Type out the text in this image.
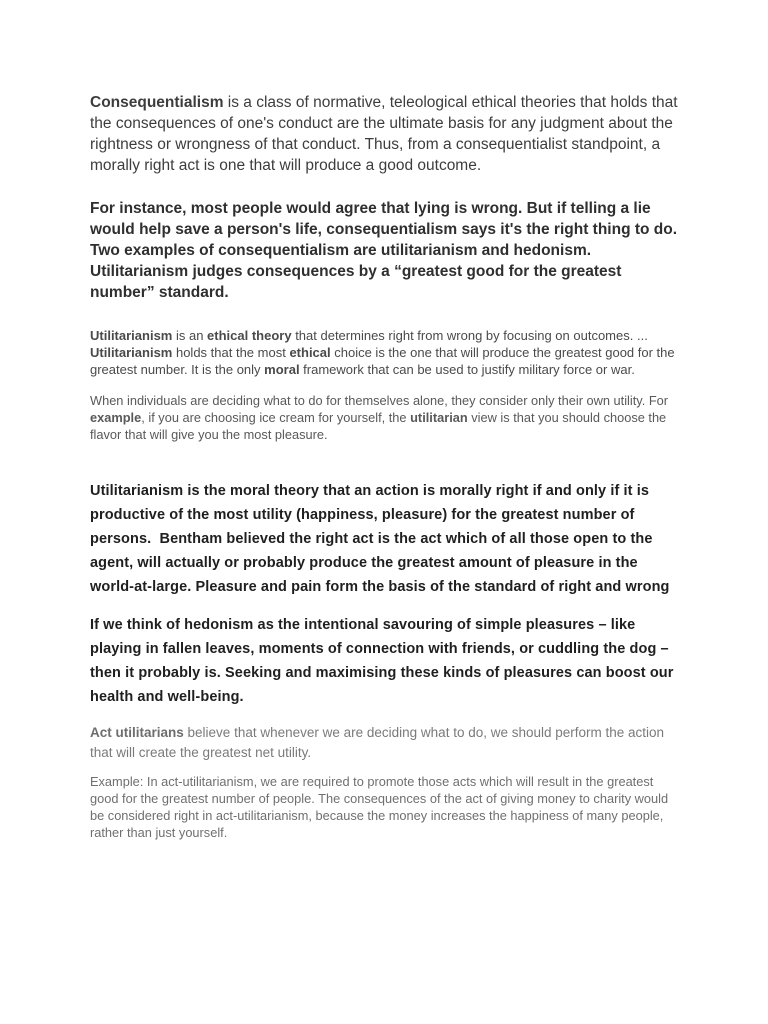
Consequentialism is a class of normative, teleological ethical theories that holds that the consequences of one's conduct are the ultimate basis for any judgment about the rightness or wrongness of that conduct. Thus, from a consequentialist standpoint, a morally right act is one that will produce a good outcome.

For instance, most people would agree that lying is wrong. But if telling a lie would help save a person's life, consequentialism says it's the right thing to do. Two examples of consequentialism are utilitarianism and hedonism. Utilitarianism judges consequences by a “greatest good for the greatest number” standard.

Utilitarianism is an ethical theory that determines right from wrong by focusing on outcomes. ... Utilitarianism holds that the most ethical choice is the one that will produce the greatest good for the greatest number. It is the only moral framework that can be used to justify military force or war.

When individuals are deciding what to do for themselves alone, they consider only their own utility. For example, if you are choosing ice cream for yourself, the utilitarian view is that you should choose the flavor that will give you the most pleasure.

Utilitarianism is the moral theory that an action is morally right if and only if it is productive of the most utility (happiness, pleasure) for the greatest number of persons.  Bentham believed the right act is the act which of all those open to the agent, will actually or probably produce the greatest amount of pleasure in the world-at-large. Pleasure and pain form the basis of the standard of right and wrong

If we think of hedonism as the intentional savouring of simple pleasures – like playing in fallen leaves, moments of connection with friends, or cuddling the dog – then it probably is. Seeking and maximising these kinds of pleasures can boost our health and well-being.

Act utilitarians believe that whenever we are deciding what to do, we should perform the action that will create the greatest net utility.

Example: In act-utilitarianism, we are required to promote those acts which will result in the greatest good for the greatest number of people. The consequences of the act of giving money to charity would be considered right in act-utilitarianism, because the money increases the happiness of many people, rather than just yourself.
